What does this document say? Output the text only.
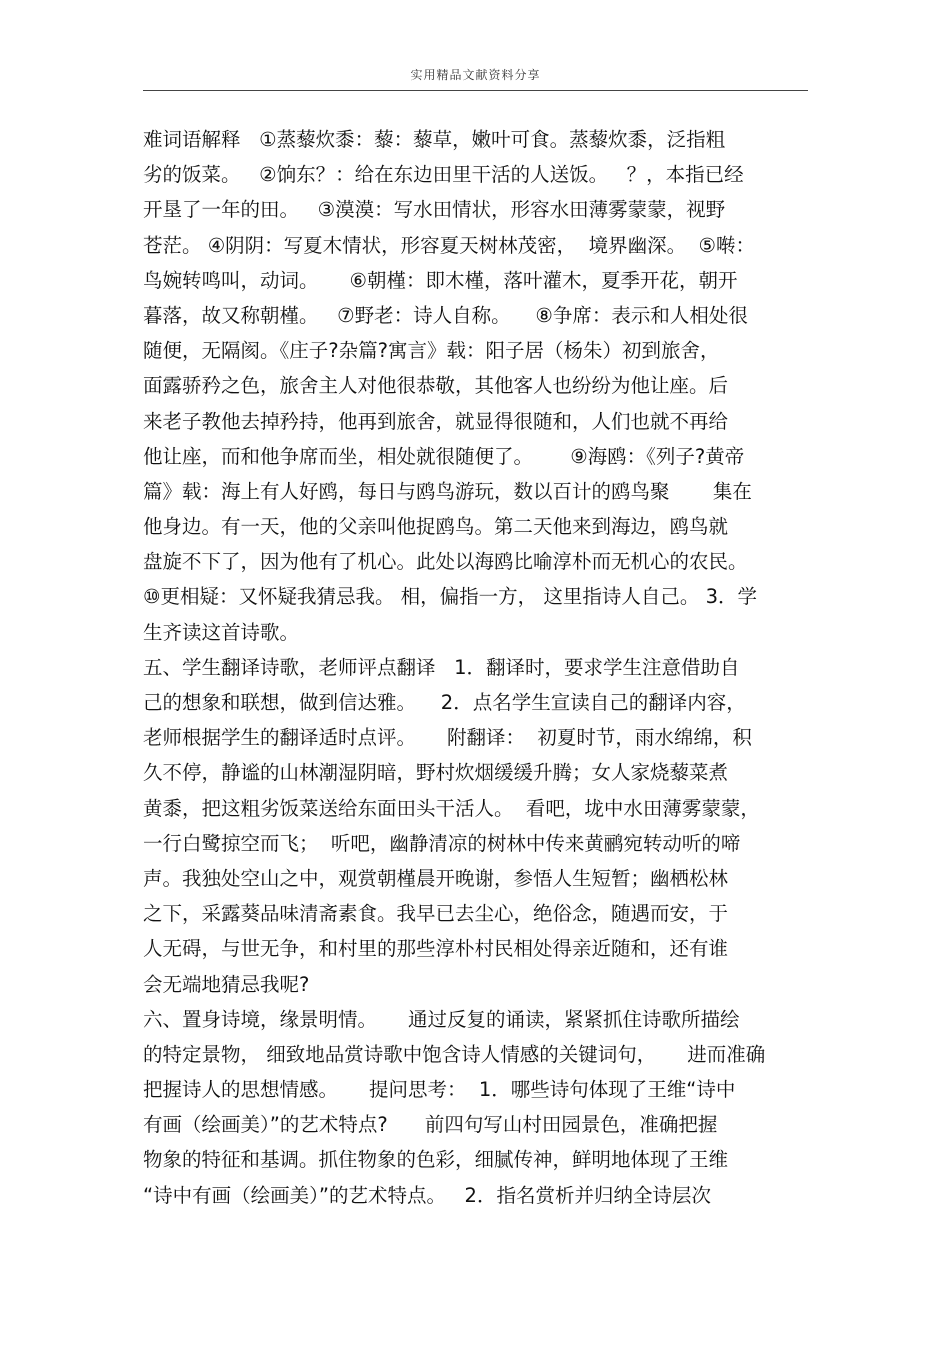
实用精品文献资料分享
难词语解释   ①蒸藜炊黍：藜：藜草，嫩叶可食。蒸藜炊黍，泛指粗
劣的饭菜。   ②饷东？：给在东边田里干活的人送饭。   ？，本指已经
开垦了一年的田。   ③漠漠：写水田情状，形容水田薄雾蒙蒙，视野
苍茫。 ④阴阴：写夏木情状，形容夏天树林茂密，  境界幽深。  ⑤啭：
鸟婉转鸣叫，动词。     ⑥朝槿：即木槿，落叶灌木，夏季开花，朝开
暮落，故又称朝槿。   ⑦野老：诗人自称。    ⑧争席：表示和人相处很
随便，无隔阂。《庄子?杂篇?寓言》载：阳子居（杨朱）初到旅舍，
面露骄矜之色，旅舍主人对他很恭敬，其他客人也纷纷为他让座。后
来老子教他去掉矜持，他再到旅舍，就显得很随和，人们也就不再给
他让座，而和他争席而坐，相处就很随便了。      ⑨海鸥：《列子?黄帝
篇》载：海上有人好鸥，每日与鸥鸟游玩，数以百计的鸥鸟聚       集在
他身边。有一天，他的父亲叫他捉鸥鸟。第二天他来到海边，鸥鸟就
盘旋不下了，因为他有了机心。此处以海鸥比喻淳朴而无机心的农民。
⑩更相疑：又怀疑我猜忌我。 相，偏指一方， 这里指诗人自己。 3．学
生齐读这首诗歌。
五、学生翻译诗歌，老师评点翻译   1．翻译时，要求学生注意借助自
己的想象和联想，做到信达雅。    2．点名学生宣读自己的翻译内容，
老师根据学生的翻译适时点评。     附翻译：  初夏时节，雨水绵绵，积
久不停，静谧的山林潮湿阴暗，野村炊烟缓缓升腾；女人家烧藜菜煮
黄黍，把这粗劣饭菜送给东面田头干活人。  看吧，垅中水田薄雾蒙蒙，
一行白鹭掠空而飞；  听吧，幽静清凉的树林中传来黄鹂宛转动听的啼
声。我独处空山之中，观赏朝槿晨开晚谢，参悟人生短暂；幽栖松林
之下，采露葵品味清斋素食。我早已去尘心，绝俗念，随遇而安，于
人无碍，与世无争，和村里的那些淳朴村民相处得亲近随和，还有谁
会无端地猜忌我呢?
六、置身诗境，缘景明情。     通过反复的诵读，紧紧抓住诗歌所描绘
的特定景物， 细致地品赏诗歌中饱含诗人情感的关键词句，     进而准确
把握诗人的思想情感。     提问思考：  1．哪些诗句体现了王维“诗中
有画（绘画美）”的艺术特点?      前四句写山村田园景色，准确把握
物象的特征和基调。抓住物象的色彩，细腻传神，鲜明地体现了王维
“诗中有画（绘画美）”的艺术特点。   2．指名赏析并归纳全诗层次
